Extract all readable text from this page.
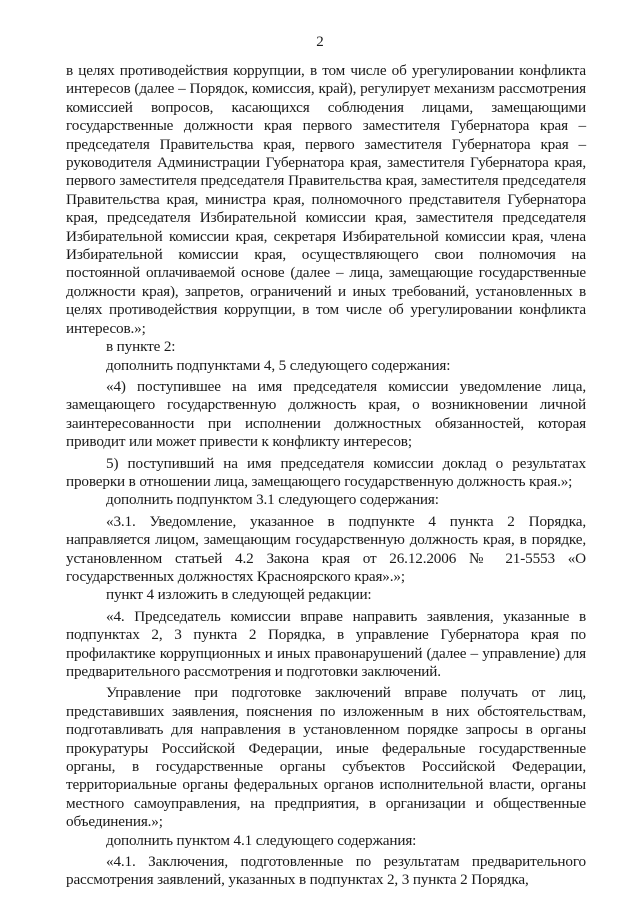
2

в целях противодействия коррупции, в том числе об урегулировании конфликта интересов (далее – Порядок, комиссия, край), регулирует механизм рассмотрения комиссией вопросов, касающихся соблюдения лицами, замещающими государственные должности края первого заместителя Губернатора края – председателя Правительства края, первого заместителя Губернатора края – руководителя Администрации Губернатора края, заместителя Губернатора края, первого заместителя председателя Правительства края, заместителя председателя Правительства края, министра края, полномочного представителя Губернатора края, председателя Избирательной комиссии края, заместителя председателя Избирательной комиссии края, секретаря Избирательной комиссии края, члена Избирательной комиссии края, осуществляющего свои полномочия на постоянной оплачиваемой основе (далее – лица, замещающие государственные должности края), запретов, ограничений и иных требований, установленных в целях противодействия коррупции, в том числе об урегулировании конфликта интересов.»;

в пункте 2:

дополнить подпунктами 4, 5 следующего содержания:

«4) поступившее на имя председателя комиссии уведомление лица, замещающего государственную должность края, о возникновении личной заинтересованности при исполнении должностных обязанностей, которая приводит или может привести к конфликту интересов;

5) поступивший на имя председателя комиссии доклад о результатах проверки в отношении лица, замещающего государственную должность края.»;

дополнить подпунктом 3.1 следующего содержания:

«3.1. Уведомление, указанное в подпункте 4 пункта 2 Порядка, направляется лицом, замещающим государственную должность края, в порядке, установленном статьей 4.2 Закона края от 26.12.2006 № 21-5553 «О государственных должностях Красноярского края».»;

пункт 4 изложить в следующей редакции:

«4. Председатель комиссии вправе направить заявления, указанные в подпунктах 2, 3 пункта 2 Порядка, в управление Губернатора края по профилактике коррупционных и иных правонарушений (далее – управление) для предварительного рассмотрения и подготовки заключений.

Управление при подготовке заключений вправе получать от лиц, представивших заявления, пояснения по изложенным в них обстоятельствам, подготавливать для направления в установленном порядке запросы в органы прокуратуры Российской Федерации, иные федеральные государственные органы, в государственные органы субъектов Российской Федерации, территориальные органы федеральных органов исполнительной власти, органы местного самоуправления, на предприятия, в организации и общественные объединения.»;

дополнить пунктом 4.1 следующего содержания:

«4.1. Заключения, подготовленные по результатам предварительного рассмотрения заявлений, указанных в подпунктах 2, 3 пункта 2 Порядка,
